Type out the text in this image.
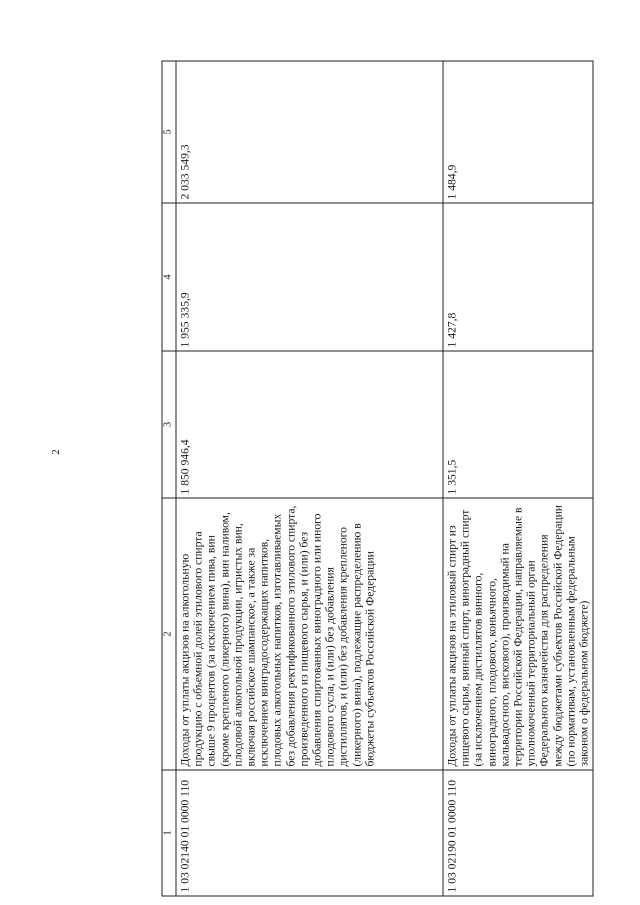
2
1	2	3	4	5
1 03 02140 01 0000 110	Доходы от уплаты акцизов на алкогольную продукцию с объемной долей этилового спирта свыше 9 процентов (за исключением пива, вин (кроме крепленого (ликерного) вина), вин наливом, плодовой алкогольной продукции, игристых вин, включая российское шампанское, а также за исключением винградосодержащих напитков, плодовых алкогольных напитков, изготавливаемых без добавления ректификованного этилового спирта, произведенного из пищевого сырья, и (или) без добавления спиртованных виноградного или иного плодового сусла, и (или) без добавления дистиллятов, и (или) без добавления крепленого (ликерного) вина), подлежащие распределению в бюджеты субъектов Российской Федерации	1 850 946,4	1 955 335,9	2 033 549,3
1 03 02190 01 0000 110	Доходы от уплаты акцизов на этиловый спирт из пищевого сырья, винный спирт, виноградный спирт (за исключением дистиллятов винного, виноградного, плодового, коньячного, кальвадосного, вискового), производимый на территории Российской Федерации, направляемые в уполномоченный территориальный орган Федерального казначейства для распределения между бюджетами субъектов Российской Федерации (по нормативам, установленным федеральным законом о федеральном бюджете)	1 351,5	1 427,8	1 484,9
